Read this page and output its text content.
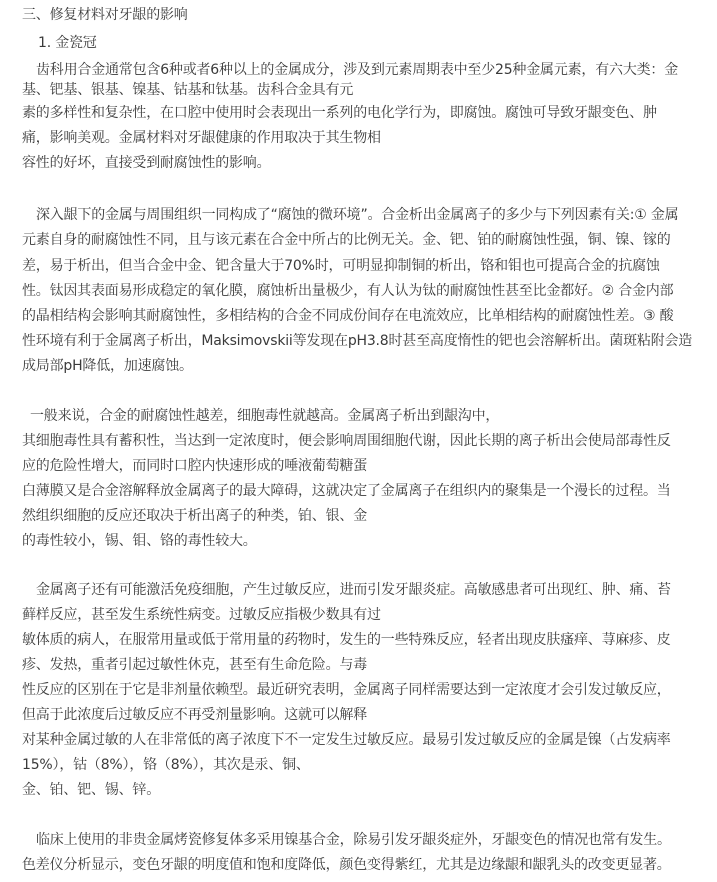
三、修复材料对牙龈的影响
1. 金瓷冠
齿科用合金通常包含6种或者6种以上的金属成分，涉及到元素周期表中至少25种金属元素，有六大类：金
基、钯基、银基、镍基、钴基和钛基。齿科合金具有元
素的多样性和复杂性，在口腔中使用时会表现出一系列的电化学行为，即腐蚀。腐蚀可导致牙龈变色、肿
痛，影响美观。金属材料对牙龈健康的作用取决于其生物相
容性的好坏，直接受到耐腐蚀性的影响。
深入龈下的金属与周围组织一同构成了“腐蚀的微环境”。合金析出金属离子的多少与下列因素有关:① 金属
元素自身的耐腐蚀性不同，且与该元素在合金中所占的比例无关。金、钯、铂的耐腐蚀性强，铜、镍、镓的
差，易于析出，但当合金中金、钯含量大于70%时，可明显抑制铜的析出，铬和钼也可提高合金的抗腐蚀
性。钛因其表面易形成稳定的氧化膜，腐蚀析出量极少，有人认为钛的耐腐蚀性甚至比金都好。② 合金内部
的晶相结构会影响其耐腐蚀性，多相结构的合金不同成份间存在电流效应，比单相结构的耐腐蚀性差。③ 酸
性环境有利于金属离子析出，Maksimovskii等发现在pH3.8时甚至高度惰性的钯也会溶解析出。菌斑粘附会造
成局部pH降低，加速腐蚀。
一般来说，合金的耐腐蚀性越差，细胞毒性就越高。金属离子析出到龈沟中，
其细胞毒性具有蓄积性，当达到一定浓度时，便会影响周围细胞代谢，因此长期的离子析出会使局部毒性反
应的危险性增大，而同时口腔内快速形成的唾液葡萄糖蛋
白薄膜又是合金溶解释放金属离子的最大障碍，这就决定了金属离子在组织内的聚集是一个漫长的过程。当
然组织细胞的反应还取决于析出离子的种类，铂、银、金
的毒性较小，锡、钼、铬的毒性较大。
金属离子还有可能激活免疫细胞，产生过敏反应，进而引发牙龈炎症。高敏感患者可出现红、肿、痛、苔
藓样反应，甚至发生系统性病变。过敏反应指极少数具有过
敏体质的病人，在服常用量或低于常用量的药物时，发生的一些特殊反应，轻者出现皮肤瘙痒、荨麻疹、皮
疹、发热，重者引起过敏性休克，甚至有生命危险。与毒
性反应的区别在于它是非剂量依赖型。最近研究表明，金属离子同样需要达到一定浓度才会引发过敏反应，
但高于此浓度后过敏反应不再受剂量影响。这就可以解释
对某种金属过敏的人在非常低的离子浓度下不一定发生过敏反应。最易引发过敏反应的金属是镍（占发病率
15%），钴（8%），铬（8%），其次是汞、铜、
金、铂、钯、锡、锌。
临床上使用的非贵金属烤瓷修复体多采用镍基合金，除易引发牙龈炎症外，牙龈变色的情况也常有发生。
色差仪分析显示，变色牙龈的明度值和饱和度降低，颜色变得紫红，尤其是边缘龈和龈乳头的改变更显著。
